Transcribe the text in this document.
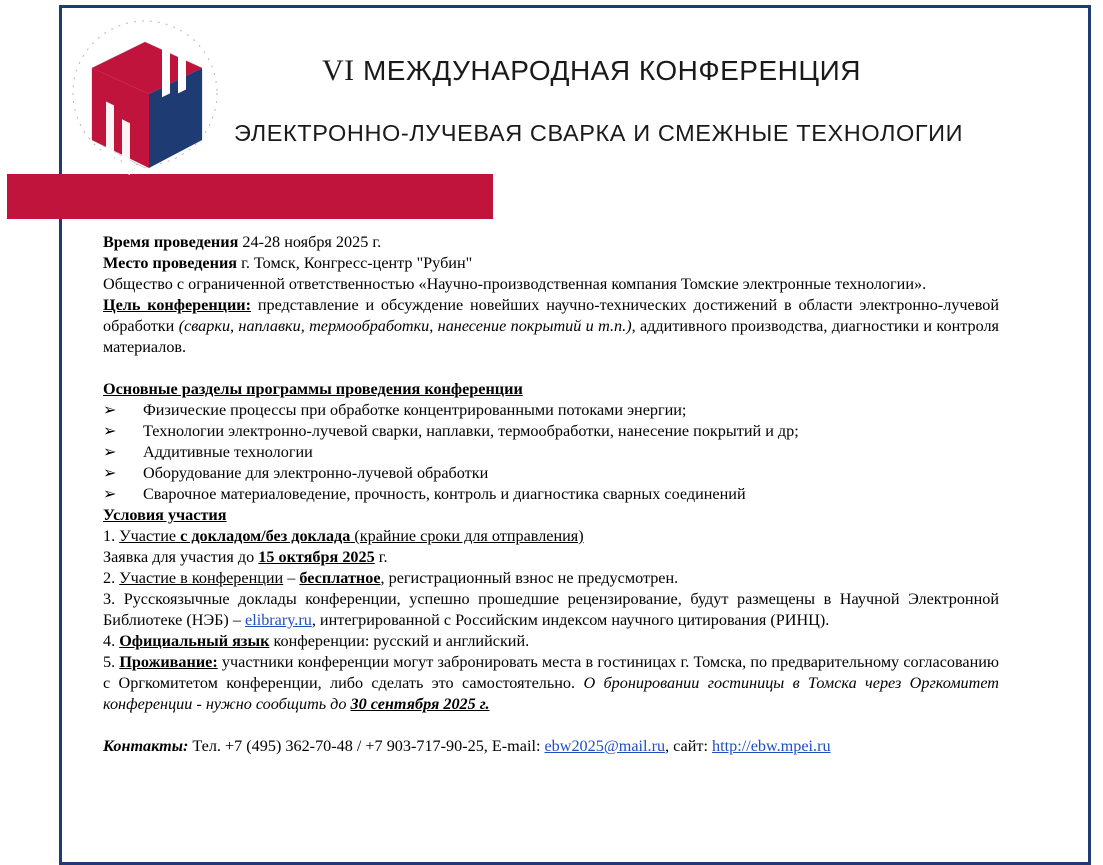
VI МЕЖДУНАРОДНАЯ КОНФЕРЕНЦИЯ
ЭЛЕКТРОННО-ЛУЧЕВАЯ СВАРКА И СМЕЖНЫЕ ТЕХНОЛОГИИ

Время проведения 24-28 ноября 2025 г.

Место проведения г. Томск, Конгресс-центр "Рубин"

Общество с ограниченной ответственностью «Научно-производственная компания Томские электронные технологии».

Цель конференции: представление и обсуждение новейших научно-технических достижений в области электронно-лучевой обработки (сварки, наплавки, термообработки, нанесение покрытий и т.п.), аддитивного производства, диагностики и контроля материалов.

Основные разделы программы проведения конференции

➢	Физические процессы при обработке концентрированными потоками энергии;
➢	Технологии электронно-лучевой сварки, наплавки, термообработки, нанесение покрытий и др;
➢	Аддитивные технологии
➢	Оборудование для электронно-лучевой обработки
➢	Сварочное материаловедение, прочность, контроль и диагностика сварных соединений

Условия участия

1. Участие с докладом/без доклада (крайние сроки для отправления)

Заявка для участия до 15 октября 2025 г.

2. Участие в конференции – бесплатное, регистрационный взнос не предусмотрен.

3. Русскоязычные доклады конференции, успешно прошедшие рецензирование, будут размещены в Научной Электронной Библиотеке (НЭБ) – elibrary.ru, интегрированной с Российским индексом научного цитирования (РИНЦ).

4. Официальный язык конференции: русский и английский.

5. Проживание: участники конференции могут забронировать места в гостиницах г. Томска, по предварительному согласованию с Оргкомитетом конференции, либо сделать это самостоятельно. О бронировании гостиницы в Томска через Оргкомитет конференции - нужно сообщить до 30 сентября 2025 г.

Контакты: Тел. +7 (495) 362-70-48 / +7 903-717-90-25, E-mail: ebw2025@mail.ru, сайт: http://ebw.mpei.ru
